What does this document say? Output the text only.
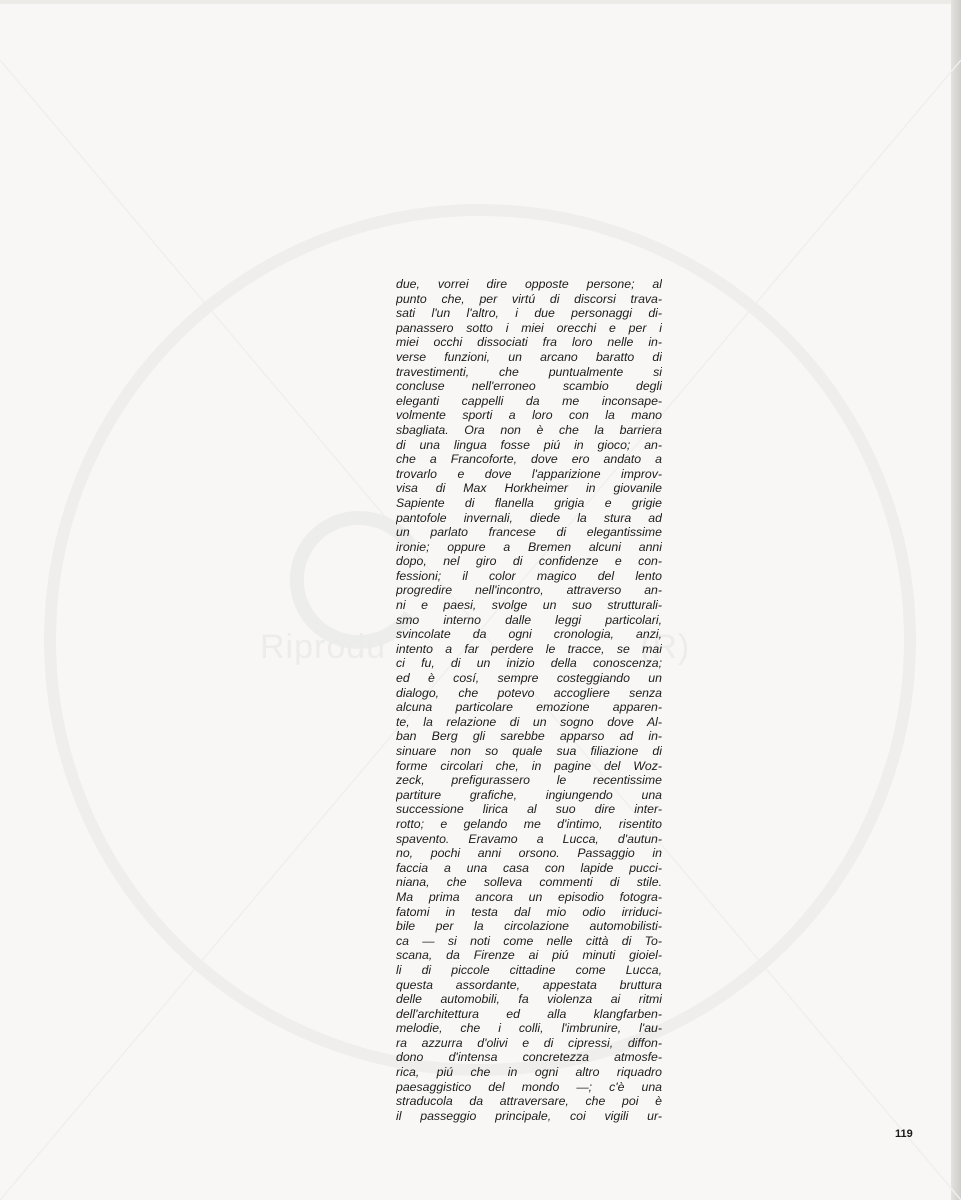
Riprodu	(R)
due, vorrei dire opposte persone; al
punto che, per virtú di discorsi trava-
sati l'un l'altro, i due personaggi di-
panassero sotto i miei orecchi e per i
miei occhi dissociati fra loro nelle in-
verse funzioni, un arcano baratto di
travestimenti, che puntualmente si
concluse nell'erroneo scambio degli
eleganti cappelli da me inconsape-
volmente sporti a loro con la mano
sbagliata. Ora non è che la barriera
di una lingua fosse piú in gioco; an-
che a Francoforte, dove ero andato a
trovarlo e dove l'apparizione improv-
visa di Max Horkheimer in giovanile
Sapiente di flanella grigia e grigie
pantofole invernali, diede la stura ad
un parlato francese di elegantissime
ironie; oppure a Bremen alcuni anni
dopo, nel giro di confidenze e con-
fessioni; il color magico del lento
progredire nell'incontro, attraverso an-
ni e paesi, svolge un suo strutturali-
smo interno dalle leggi particolari,
svincolate da ogni cronologia, anzi,
intento a far perdere le tracce, se mai
ci fu, di un inizio della conoscenza;
ed è cosí, sempre costeggiando un
dialogo, che potevo accogliere senza
alcuna particolare emozione apparen-
te, la relazione di un sogno dove Al-
ban Berg gli sarebbe apparso ad in-
sinuare non so quale sua filiazione di
forme circolari che, in pagine del Woz-
zeck, prefigurassero le recentissime
partiture grafiche, ingiungendo una
successione lirica al suo dire inter-
rotto; e gelando me d'intimo, risentito
spavento. Eravamo a Lucca, d'autun-
no, pochi anni orsono. Passaggio in
faccia a una casa con lapide pucci-
niana, che solleva commenti di stile.
Ma prima ancora un episodio fotogra-
fatomi in testa dal mio odio irriduci-
bile per la circolazione automobilisti-
ca — si noti come nelle città di To-
scana, da Firenze ai piú minuti gioiel-
li di piccole cittadine come Lucca,
questa assordante, appestata bruttura
delle automobili, fa violenza ai ritmi
dell'architettura ed alla klangfarben-
melodie, che i colli, l'imbrunire, l'au-
ra azzurra d'olivi e di cipressi, diffon-
dono d'intensa concretezza atmosfe-
rica, piú che in ogni altro riquadro
paesaggistico del mondo —; c'è una
straducola da attraversare, che poi è
il passeggio principale, coi vigili ur-
119
